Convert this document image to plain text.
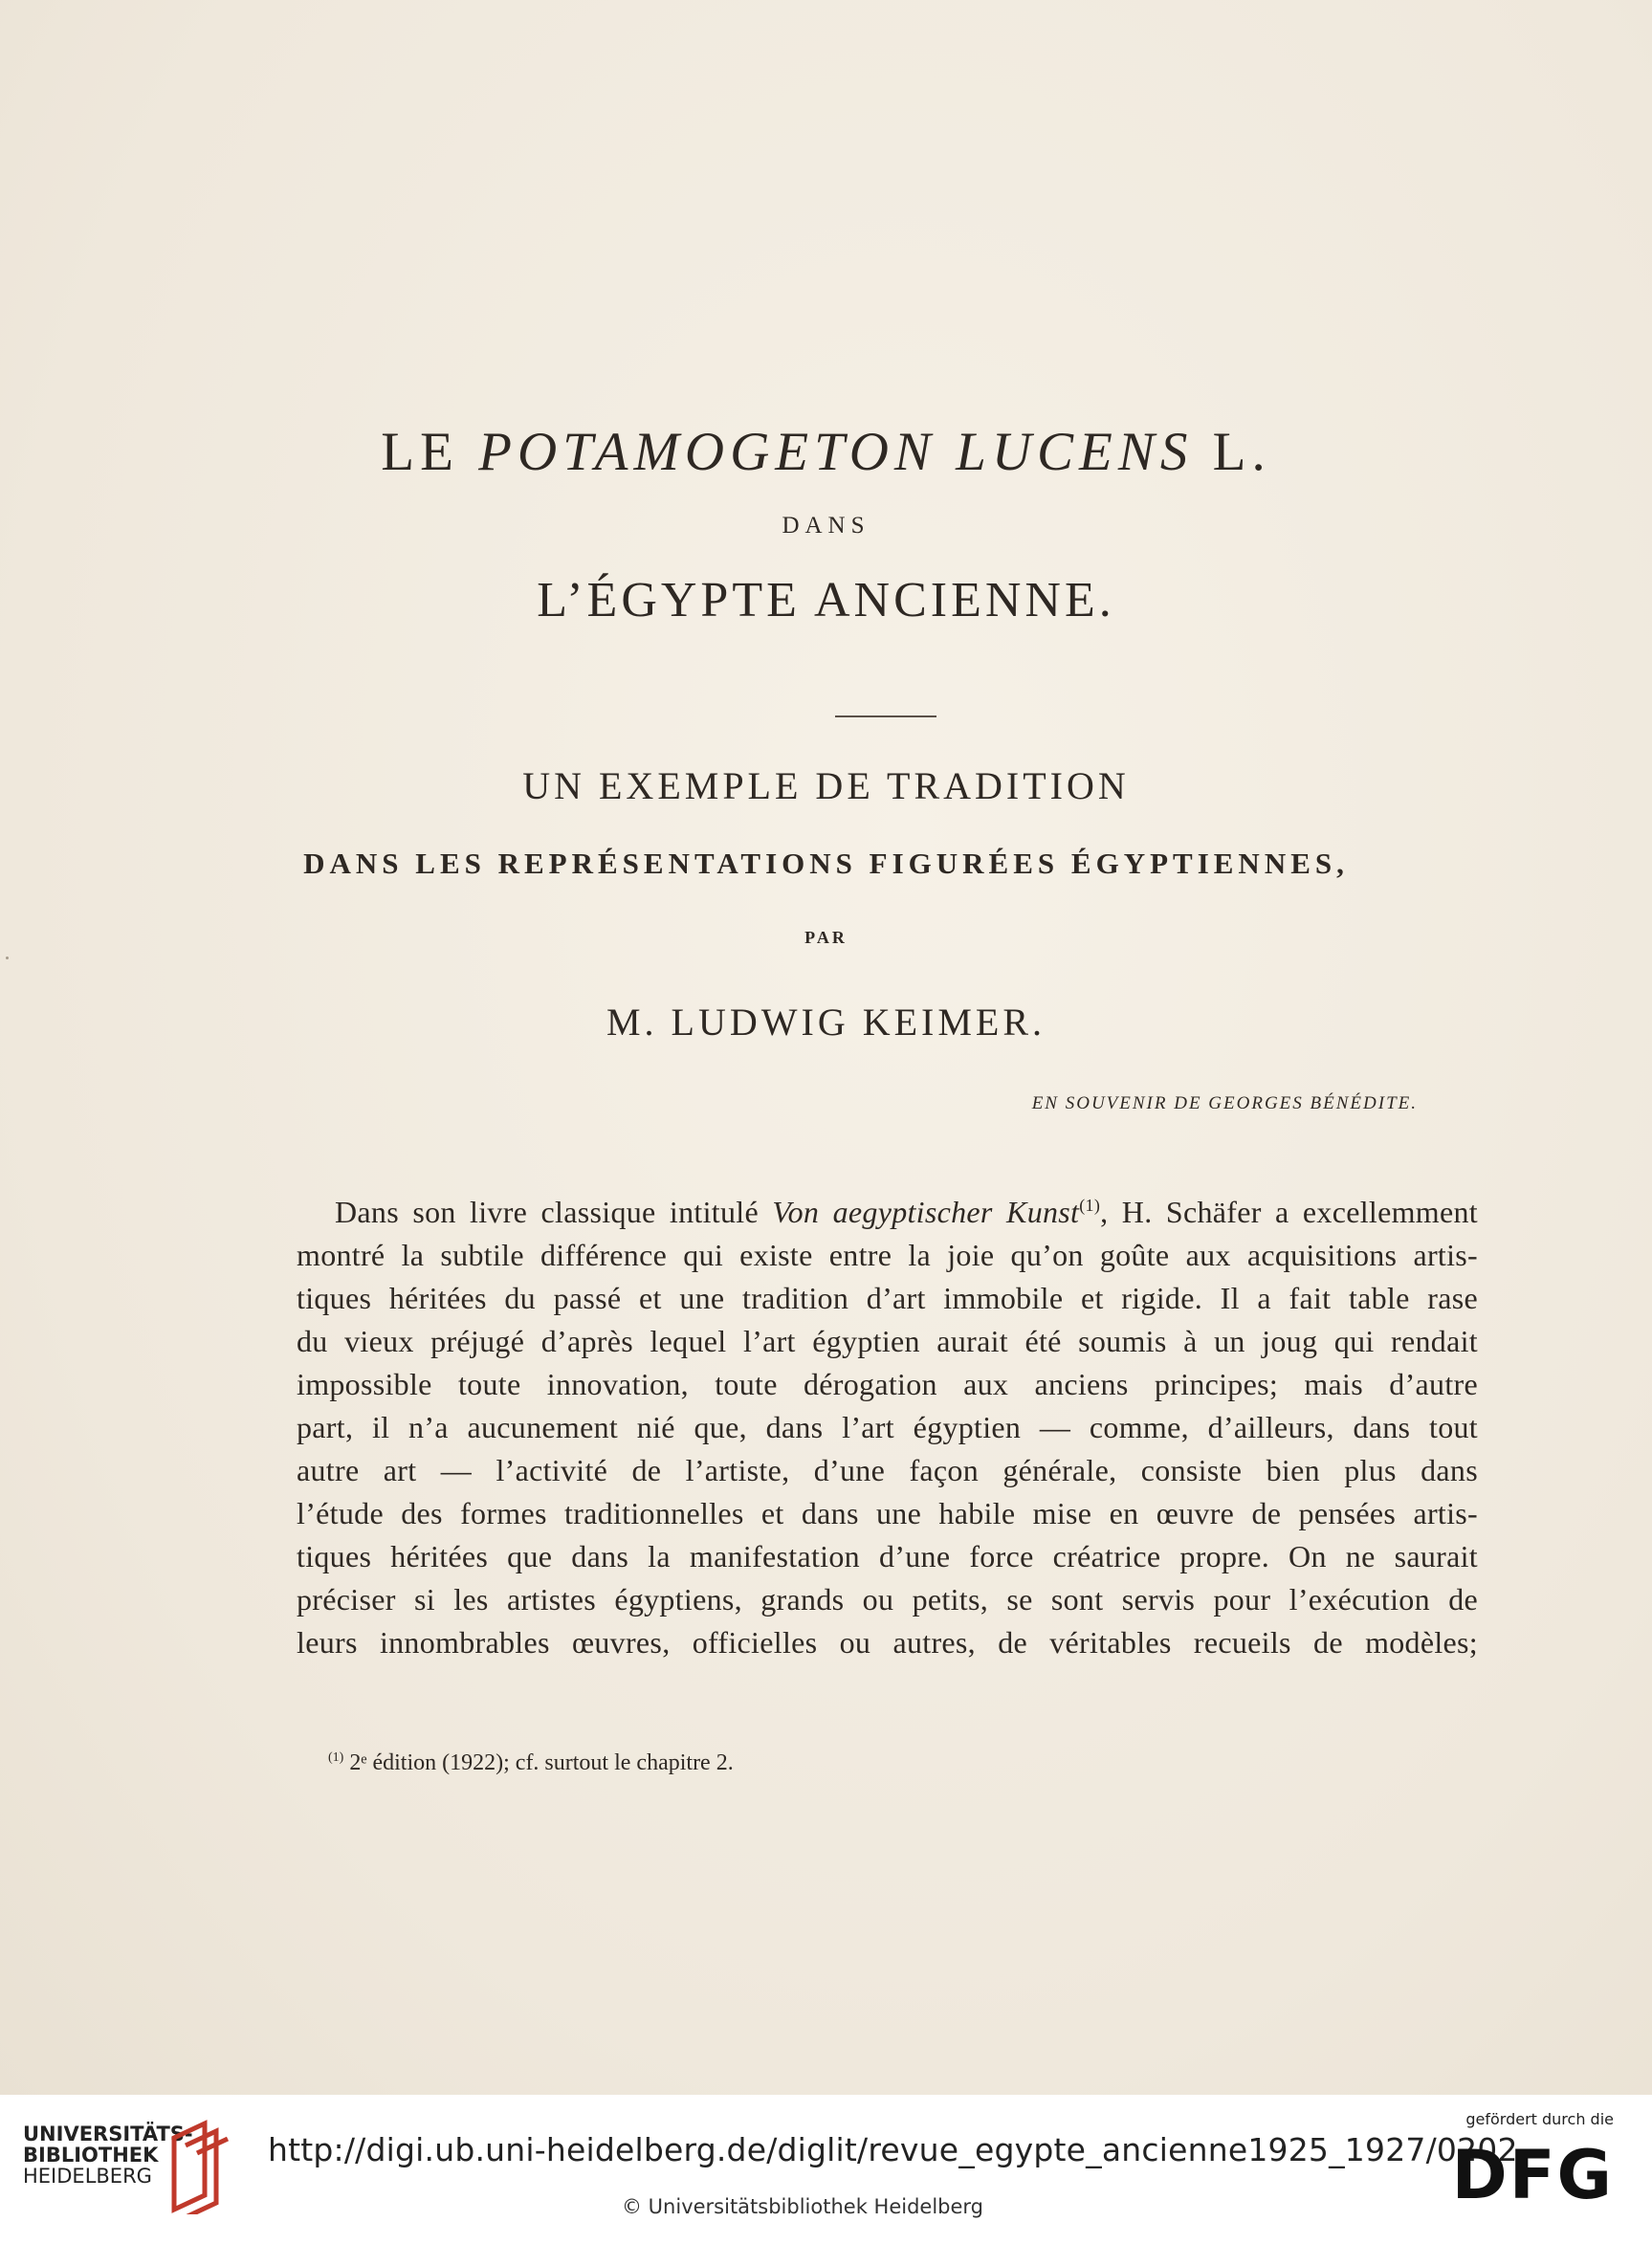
LE POTAMOGETON LUCENS L.
DANS
L’ÉGYPTE ANCIENNE.
UN EXEMPLE DE TRADITION
DANS LES REPRÉSENTATIONS FIGURÉES ÉGYPTIENNES,
PAR
M. LUDWIG KEIMER.
EN SOUVENIR DE GEORGES BÉNÉDITE.
Dans son livre classique intitulé Von aegyptischer Kunst$^{(1)}$, H. Schäfer a excellemment
montré la subtile différence qui existe entre la joie qu’on goûte aux acquisitions artis-
tiques héritées du passé et une tradition d’art immobile et rigide. Il a fait table rase
du vieux préjugé d’après lequel l’art égyptien aurait été soumis à un joug qui rendait
impossible toute innovation, toute dérogation aux anciens principes; mais d’autre
part, il n’a aucunement nié que, dans l’art égyptien — comme, d’ailleurs, dans tout
autre art — l’activité de l’artiste, d’une façon générale, consiste bien plus dans
l’étude des formes traditionnelles et dans une habile mise en œuvre de pensées artis-
tiques héritées que dans la manifestation d’une force créatrice propre. On ne saurait
préciser si les artistes égyptiens, grands ou petits, se sont servis pour l’exécution de
leurs innombrables œuvres, officielles ou autres, de véritables recueils de modèles;
$^{(1)}$ 2ᵉ édition (1922); cf. surtout le chapitre 2.
UNIVERSITÄTS-
BIBLIOTHEK
HEIDELBERG
http://digi.ub.uni-heidelberg.de/diglit/revue_egypte_ancienne1925_1927/0202
© Universitätsbibliothek Heidelberg
gefördert durch die
DFG
